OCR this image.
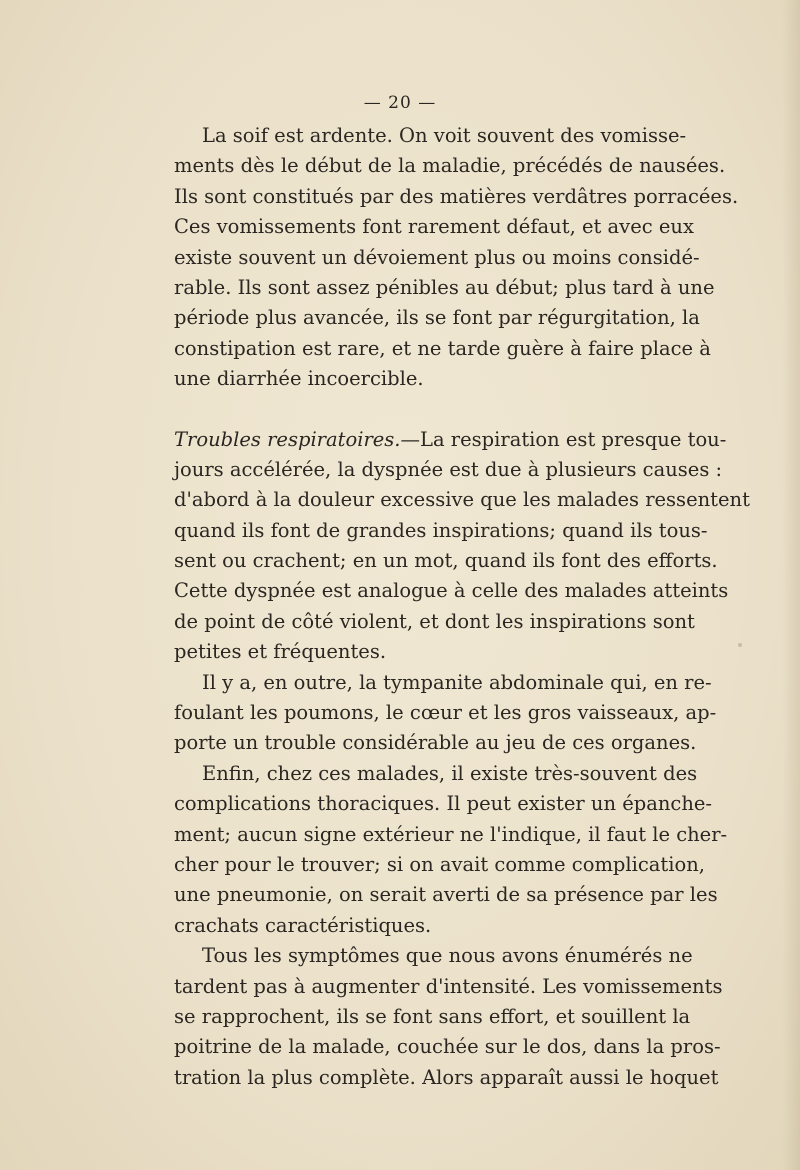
— 20 —
La soif est ardente. On voit souvent des vomisse-
ments dès le début de la maladie, précédés de nausées.
Ils sont constitués par des matières verdâtres porracées.
Ces vomissements font rarement défaut, et avec eux
existe souvent un dévoiement plus ou moins considé-
rable. Ils sont assez pénibles au début; plus tard à une
période plus avancée, ils se font par régurgitation, la
constipation est rare, et ne tarde guère à faire place à
une diarrhée incoercible.
Troubles respiratoires.—La respiration est presque tou-
jours accélérée, la dyspnée est due à plusieurs causes :
d'abord à la douleur excessive que les malades ressentent
quand ils font de grandes inspirations; quand ils tous-
sent ou crachent; en un mot, quand ils font des efforts.
Cette dyspnée est analogue à celle des malades atteints
de point de côté violent, et dont les inspirations sont
petites et fréquentes.
Il y a, en outre, la tympanite abdominale qui, en re-
foulant les poumons, le cœur et les gros vaisseaux, ap-
porte un trouble considérable au jeu de ces organes.
Enfin, chez ces malades, il existe très-souvent des
complications thoraciques. Il peut exister un épanche-
ment; aucun signe extérieur ne l'indique, il faut le cher-
cher pour le trouver; si on avait comme complication,
une pneumonie, on serait averti de sa présence par les
crachats caractéristiques.
Tous les symptômes que nous avons énumérés ne
tardent pas à augmenter d'intensité. Les vomissements
se rapprochent, ils se font sans effort, et souillent la
poitrine de la malade, couchée sur le dos, dans la pros-
tration la plus complète. Alors apparaît aussi le hoquet
